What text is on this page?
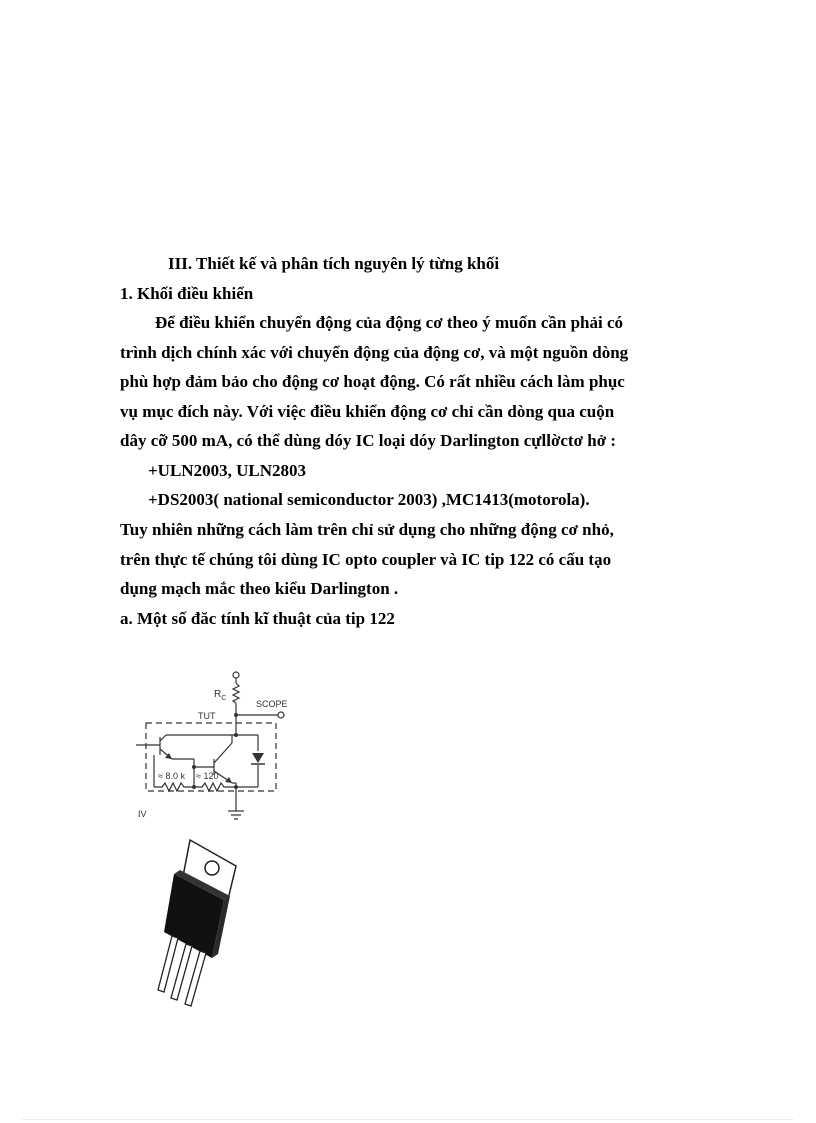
III. Thiết kế và phân tích nguyên lý từng khối
1. Khối điều khiển
Để điều khiển chuyển động của động cơ theo ý muốn cần phải có
trình dịch chính xác với chuyển động của động cơ, và một nguồn dòng
phù hợp đảm bảo cho động cơ hoạt động. Có rất nhiều cách làm phục
vụ mục đích này. Với việc điều khiển động cơ chỉ cần dòng qua cuộn
dây cỡ 500 mA, có thể dùng dóy IC loại dóy Darlington cựllờctơ hở :
+ULN2003, ULN2803
+DS2003( national semiconductor 2003) ,MC1413(motorola).
Tuy nhiên những cách làm trên chỉ sử dụng cho những động cơ nhỏ,
trên thực tế chúng tôi dùng IC opto coupler và IC tip 122 có cấu tạo
dụng mạch mắc theo kiểu Darlington .
a. Một số đăc tính kĩ thuật của tip 122
$R_C$
SCOPE
TUT
≈ 8.0 k ≈ 120
IV
